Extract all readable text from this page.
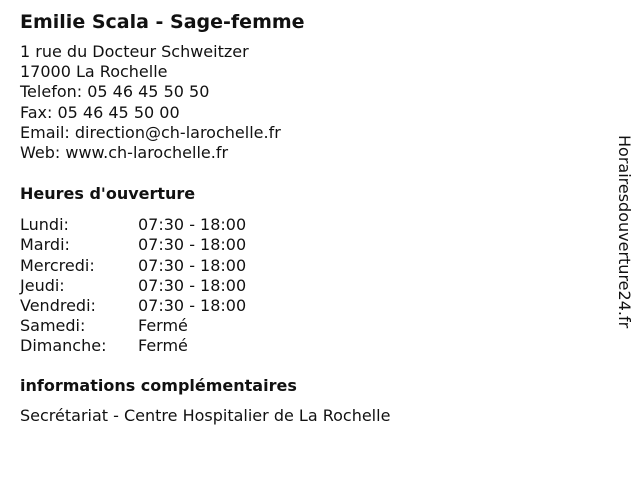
Emilie Scala - Sage-femme
1 rue du Docteur Schweitzer
17000 La Rochelle
Telefon: 05 46 45 50 50
Fax: 05 46 45 50 00
Email: direction@ch-larochelle.fr
Web: www.ch-larochelle.fr
Heures d'ouverture
Lundi:	07:30 - 18:00
Mardi:	07:30 - 18:00
Mercredi:	07:30 - 18:00
Jeudi:	07:30 - 18:00
Vendredi:	07:30 - 18:00
Samedi:	Fermé
Dimanche:	Fermé
informations complémentaires
Secrétariat - Centre Hospitalier de La Rochelle
Horairesdouverture24.fr
